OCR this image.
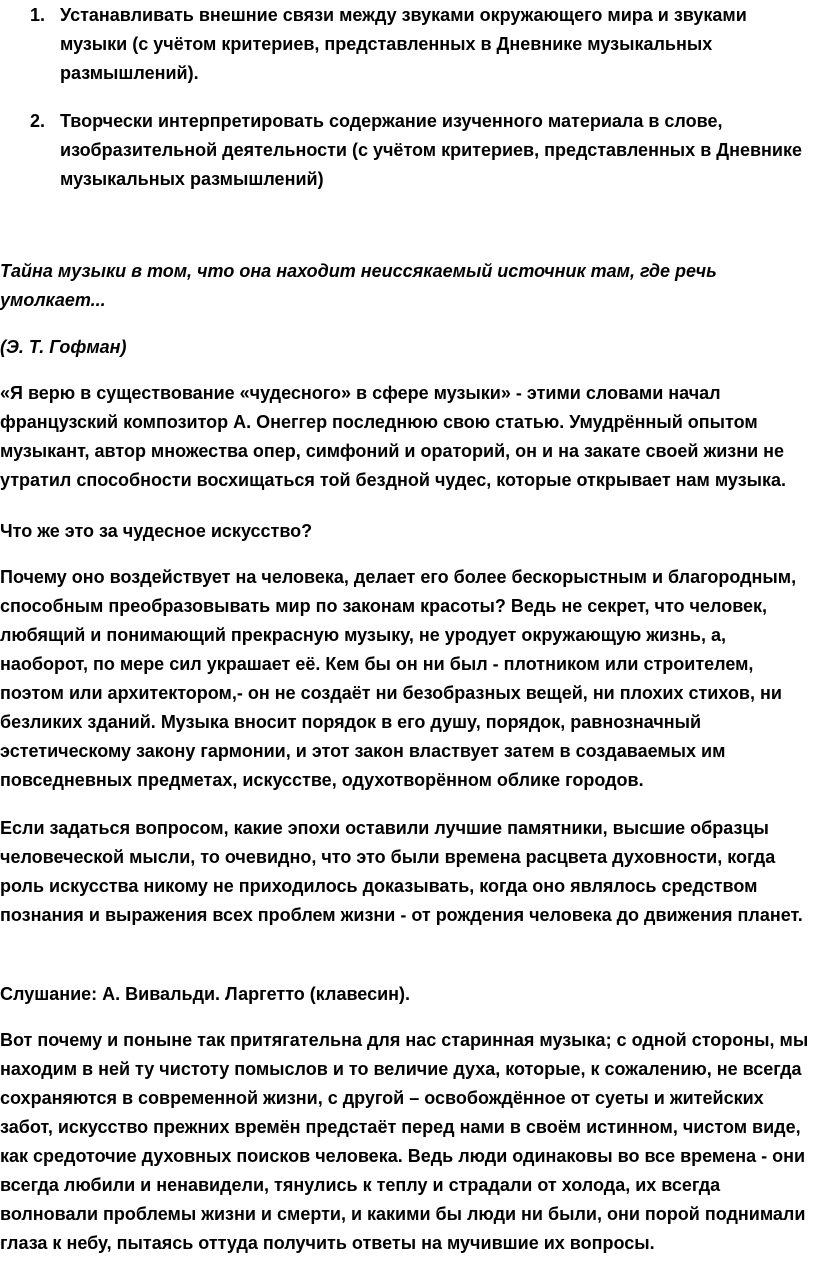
1. Устанавливать внешние связи между звуками окружающего мира и звуками музыки (с учётом критериев, представленных в Дневнике музыкальных размышлений).
2. Творчески интерпретировать содержание изученного материала в слове, изобразительной деятельности (с учётом критериев, представленных в Дневнике музыкальных размышлений)

Тайна музыки в том, что она находит неиссякаемый источник там, где речь умолкает...

(Э. Т. Гофман)

«Я верю в существование «чудесного» в сфере музыки» - этими словами начал французский композитор А. Онеггер последнюю свою статью. Умудрённый опытом музыкант, автор множества опер, симфоний и ораторий, он и на закате своей жизни не утратил способности восхищаться той бездной чудес, которые открывает нам музыка.

Что же это за чудесное искусство?

Почему оно воздействует на человека, делает его более бескорыстным и благородным, способным преобразовывать мир по законам красоты? Ведь не секрет, что человек, любящий и понимающий прекрасную музыку, не уродует окружающую жизнь, а, наоборот, по мере сил украшает её. Кем бы он ни был - плотником или строителем, поэтом или архитектором,- он не создаёт ни безобразных вещей, ни плохих стихов, ни безликих зданий. Музыка вносит порядок в его душу, порядок, равнозначный эстетическому закону гармонии, и этот закон властвует затем в создаваемых им повседневных предметах, искусстве, одухотворённом облике городов.

Если задаться вопросом, какие эпохи оставили лучшие памятники, высшие образцы человеческой мысли, то очевидно, что это были времена расцвета духовности, когда роль искусства никому не приходилось доказывать, когда оно являлось средством познания и выражения всех проблем жизни - от рождения человека до движения планет.

Слушание: А. Вивальди. Ларгетто (клавесин).

Вот почему и поныне так притягательна для нас старинная музыка; с одной стороны, мы находим в ней ту чистоту помыслов и то величие духа, которые, к сожалению, не всегда сохраняются в современной жизни, с другой – освобождённое от суеты и житейских забот, искусство прежних времён предстаёт перед нами в своём истинном, чистом виде, как средоточие духовных поисков человека. Ведь люди одинаковы во все времена - они всегда любили и ненавидели, тянулись к теплу и страдали от холода, их всегда волновали проблемы жизни и смерти, и какими бы люди ни были, они порой поднимали глаза к небу, пытаясь оттуда получить ответы на мучившие их вопросы.
